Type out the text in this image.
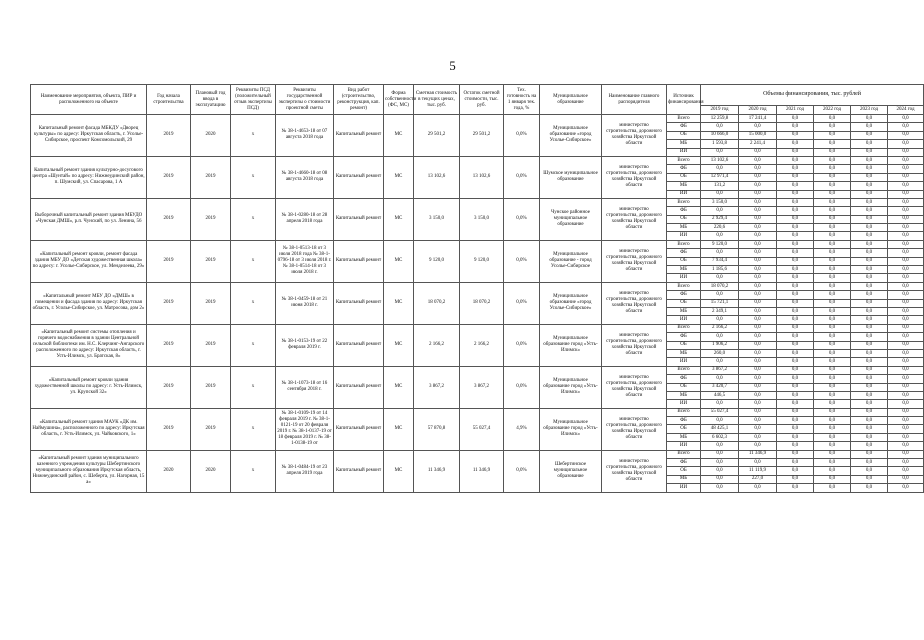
5
Наименование мероприятия, объекта, ПИР и расположенного на объекте	Год начала строительства	Плановый год ввода в эксплуатацию	Реквизиты ПСД (положительный отзыв экспертизы ПСД)	Реквизиты государственной экспертизы о стоимости проектной сметы	Вид работ (строительство, реконструкция, кап. ремонт)	Форма собственности (ФС, МС)	Сметная стоимость в текущих ценах, тыс. руб.	Остаток сметной стоимости, тыс. руб.	Тех. готовность на 1 января тек. года, %	Муниципальное образование	Наименование главного распорядителя	Источник финансирования	Объемы финансирования, тыс. рублей					
													2019 год	2020 год	2021 год	2022 год	2023 год	2024 год
Капитальный ремонт фасада МБКДУ «Дворец культуры» по адресу: Иркутская область, г. Усолье-Сибирское, проспект Комсомольский, 29	2019	2020	х	№ 38-1-4653-18 от 07 августа 2018 года	Капитальный ремонт	МС	29 501,2	29 501,2	0,0%	Муниципальное образование «город Усолье-Сибирское»	министерство строительства, дорожного хозяйства Иркутской области	Всего	12 259,8	17 241,4	0,0	0,0	0,0	0,0
												ФБ	0,0	0,0	0,0	0,0	0,0	0,0
												ОБ	10 666,0	15 000,0	0,0	0,0	0,0	0,0
												МБ	1 593,8	2 241,4	0,0	0,0	0,0	0,0
												ИИ	0,0	0,0	0,0	0,0	0,0	0,0
Капитальный ремонт здания культурно-досугового центра «Шунтай» по адресу: Нижнеудинский район, п. Шумский, ул. Спасарова, 1 А	2019	2019	х	№ 38-1-4660-18 от 08 августа 2018 года	Капитальный ремонт	МС	13 102,6	13 102,6	0,0%	Шумское муниципальное образование	министерство строительства, дорожного хозяйства Иркутской области	Всего	13 102,6	0,0	0,0	0,0	0,0	0,0
												ФБ	0,0	0,0	0,0	0,0	0,0	0,0
												ОБ	12 971,4	0,0	0,0	0,0	0,0	0,0
												МБ	131,2	0,0	0,0	0,0	0,0	0,0
												ИИ	0,0	0,0	0,0	0,0	0,0	0,0
Выборочный капитальный ремонт здания МБУДО «Чунская ДМШ», р.п. Чунский, по ул. Ленина, 56	2019	2019	х	№ 38-1-0280-18 от 28 апреля 2018 года	Капитальный ремонт	МС	3 150,0	3 150,0	0,0%	Чунское районное муниципальное образование	министерство строительства, дорожного хозяйства Иркутской области	Всего	3 150,0	0,0	0,0	0,0	0,0	0,0
												ФБ	0,0	0,0	0,0	0,0	0,0	0,0
												ОБ	2 929,4	0,0	0,0	0,0	0,0	0,0
												МБ	220,6	0,0	0,0	0,0	0,0	0,0
												ИИ	0,0	0,0	0,0	0,0	0,0	0,0
«Капитальный ремонт кровли, ремонт фасада здания МБУ ДО «Детская художественная школа» по адресу: г. Усолье-Сибирское, ул. Менделеева, 29»	2019	2019	х	№ 38-1-0513-18 от 3 июля 2018 года № 38-1-0796-18 от 3 июля 2018 г. № 38-1-0514-18 от 3 июля 2018 г.	Капитальный ремонт	МС	9 120,0	9 120,0	0,0%	Муниципальное образование - город Усолье-Сибирское	министерство строительства, дорожного хозяйства Иркутской области	Всего	9 120,0	0,0	0,0	0,0	0,0	0,0
												ФБ	0,0	0,0	0,0	0,0	0,0	0,0
												ОБ	7 934,4	0,0	0,0	0,0	0,0	0,0
												МБ	1 185,6	0,0	0,0	0,0	0,0	0,0
												ИИ	0,0	0,0	0,0	0,0	0,0	0,0
«Капитальный ремонт МБУ ДО «ДМШ» в помещении и фасада здания по адресу: Иркутская область, г. Усолье-Сибирское, ул. Матросова, дом 2»	2019	2019	х	№ 38-1-0459-18 от 21 июня 2018 г.	Капитальный ремонт	МС	18 070,2	18 070,2	0,0%	Муниципальное образование «город Усолье-Сибирское»	министерство строительства, дорожного хозяйства Иркутской области	Всего	18 070,2	0,0	0,0	0,0	0,0	0,0
												ФБ	0,0	0,0	0,0	0,0	0,0	0,0
												ОБ	15 721,1	0,0	0,0	0,0	0,0	0,0
												МБ	2 349,1	0,0	0,0	0,0	0,0	0,0
												ИИ	0,0	0,0	0,0	0,0	0,0	0,0
«Капитальный ремонт системы отопления и горячего водоснабжения в здании Центральной сельской библиотеки им. Н.С. Клерчинг-Ангарского расположенного по адресу: Иркутская область, г. Усть-Илимск, ул. Братская, 8»	2019	2019	х	№ 38-1-0153-19 от 22 февраля 2019 г.	Капитальный ремонт	МС	2 166,2	2 166,2	0,0%	Муниципальное образование город «Усть-Илимск»	министерство строительства, дорожного хозяйства Иркутской области	Всего	2 166,2	0,0	0,0	0,0	0,0	0,0
												ФБ	0,0	0,0	0,0	0,0	0,0	0,0
												ОБ	1 906,2	0,0	0,0	0,0	0,0	0,0
												МБ	260,0	0,0	0,0	0,0	0,0	0,0
												ИИ	0,0	0,0	0,0	0,0	0,0	0,0
«Капитальный ремонт кровли здания художественной школы по адресу: г. Усть-Илимск, ул. Крупской 32»	2019	2019	х	№ 38-1-1073-18 от 16 сентября 2018 г.	Капитальный ремонт	МС	3 867,2	3 867,2	0,0%	Муниципальное образование город «Усть-Илимск»	министерство строительства, дорожного хозяйства Иркутской области	Всего	3 867,2	0,0	0,0	0,0	0,0	0,0
												ФБ	0,0	0,0	0,0	0,0	0,0	0,0
												ОБ	3 420,7	0,0	0,0	0,0	0,0	0,0
												МБ	446,5	0,0	0,0	0,0	0,0	0,0
												ИИ	0,0	0,0	0,0	0,0	0,0	0,0
«Капитальный ремонт здания МАУК «ДК им. Наймушина», расположенного по адресу: Иркутская область, г. Усть-Илимск, ул. Чайковского, 1»	2019	2019	х	№ 38-1-0109-19 от 14 февраля 2019 г. № 38-1-0121-19 от 20 февраля 2019 г. № 38-1-0137-19 от 18 февраля 2019 г. № 38-1-0138-19 от	Капитальный ремонт	МС	57 870,8	55 027,4	4,9%	Муниципальное образование город «Усть-Илимск»	министерство строительства, дорожного хозяйства Иркутской области	Всего	55 027,4	0,0	0,0	0,0	0,0	0,0
												ФБ	0,0	0,0	0,0	0,0	0,0	0,0
												ОБ	48 425,1	0,0	0,0	0,0	0,0	0,0
												МБ	6 602,3	0,0	0,0	0,0	0,0	0,0
												ИИ	0,0	0,0	0,0	0,0	0,0	0,0
«Капитальный ремонт здания муниципального казенного учреждения культуры Шебертинского муниципального образования Иркутская область, Нижнеудинский район, с. Шеберта, ул. Нагорная, 15 а»	2020	2020	х	№ 38-1-0484-19 от 23 апреля 2019 года	Капитальный ремонт	МС	11 346,9	11 346,9	0,0%	Шебертинское муниципальное образование	министерство строительства, дорожного хозяйства Иркутской области	Всего	0,0	11 346,9	0,0	0,0	0,0	0,0
												ФБ	0,0	0,0	0,0	0,0	0,0	0,0
												ОБ	0,0	11 119,9	0,0	0,0	0,0	0,0
												МБ	0,0	227,0	0,0	0,0	0,0	0,0
												ИИ	0,0	0,0	0,0	0,0	0,0	0,0
